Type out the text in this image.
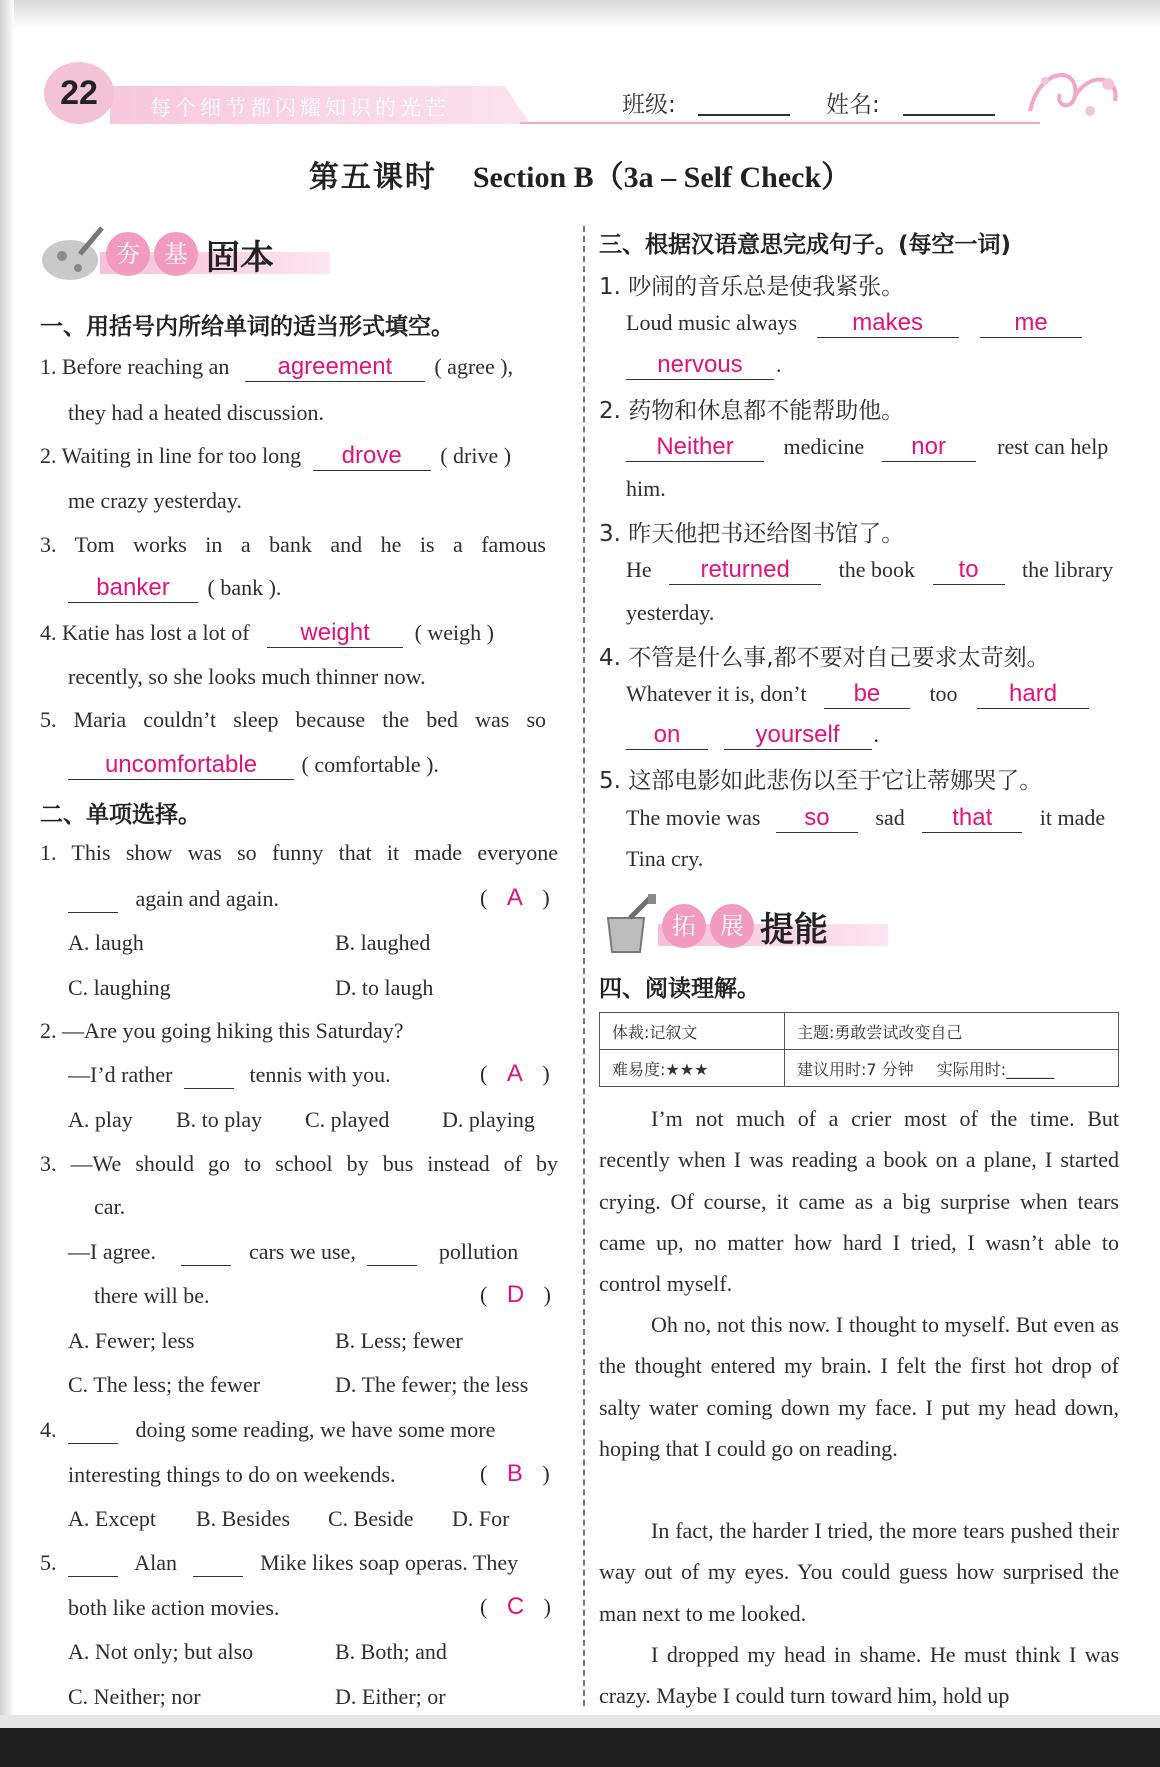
22	每个细节都闪耀知识的光芒	班级:	姓名:
第五课时 Section B（3a – Self Check）
夯	基 固本
一、用括号内所给单词的适当形式填空。
1. Before reaching an agreement ( agree ),
they had a heated discussion.
2. Waiting in line for too long drove ( drive )
me crazy yesterday.
3. Tom works in a bank and he is a famous
banker ( bank ).
4. Katie has lost a lot of weight ( weigh )
recently, so she looks much thinner now.
5. Maria couldn’t sleep because the bed was so
uncomfortable ( comfortable ).
二、单项选择。
1. This show was so funny that it made everyone
again and again.	( A )
A. laugh	B. laughed
C. laughing	D. to laugh
2. —Are you going hiking this Saturday?
—I’d rather	tennis with you.	( A )
A. play B. to play C. played D. playing
3. —We should go to school by bus instead of by
car.
—I agree.	cars we use,	pollution
there will be.	( D )
A. Fewer; less	B. Less; fewer
C. The less; the fewer	D. The fewer; the less
4.	doing some reading, we have some more
interesting things to do on weekends.	( B )
A. Except B. Besides C. Beside D. For
5.	Alan	Mike likes soap operas. They
both like action movies.	( C )
A. Not only; but also	B. Both; and
C. Neither; nor	D. Either; or
三、根据汉语意思完成句子。(每空一词)
1. 吵闹的音乐总是使我紧张。
Loud music always makes	me
nervous .
2. 药物和休息都不能帮助他。
Neither medicine nor rest can help
him.
3. 昨天他把书还给图书馆了。
He returned the book to the library
yesterday.
4. 不管是什么事,都不要对自己要求太苛刻。
Whatever it is, don’t be too hard
on	yourself .
5. 这部电影如此悲伤以至于它让蒂娜哭了。
The movie was so sad that it made
Tina cry.
拓	展 提能
四、阅读理解。
体裁:记叙文	主题:勇敢尝试改变自己
难易度:★★★	建议用时:7 分钟 实际用时:______
I’m not much of a crier most of the time. But recently when I was reading a book on a plane, I started crying. Of course, it came as a big surprise when tears came up, no matter how hard I tried, I wasn’t able to control myself.
Oh no, not this now. I thought to myself. But even as the thought entered my brain. I felt the first hot drop of salty water coming down my face. I put my head down, hoping that I could go on reading.
In fact, the harder I tried, the more tears pushed their way out of my eyes. You could guess how surprised the man next to me looked.
I dropped my head in shame. He must think I was crazy. Maybe I could turn toward him, hold up
